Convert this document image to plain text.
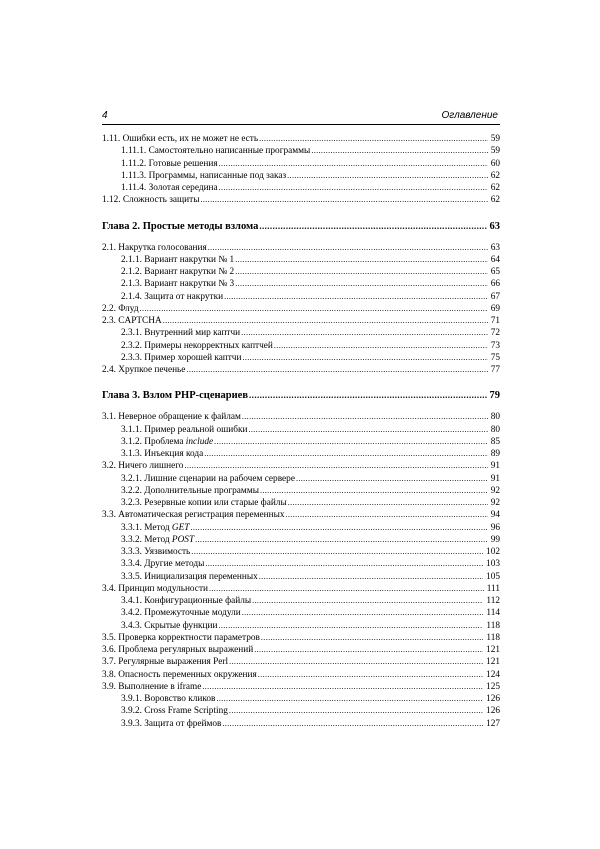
4	Оглавление
1.11. Ошибки есть, их не может не есть .....	59
1.11.1. Самостоятельно написанные программы .....	59
1.11.2. Готовые решения .....	60
1.11.3. Программы, написанные под заказ .....	62
1.11.4. Золотая середина .....	62
1.12. Сложность защиты .....	62
Глава 2. Простые методы взлома .....	63
2.1. Накрутка голосования .....	63
2.1.1. Вариант накрутки № 1 .....	64
2.1.2. Вариант накрутки № 2 .....	65
2.1.3. Вариант накрутки № 3 .....	66
2.1.4. Защита от накрутки .....	67
2.2. Флуд .....	69
2.3. CAPTCHA .....	71
2.3.1. Внутренний мир каптчи .....	72
2.3.2. Примеры некорректных каптчей .....	73
2.3.3. Пример хорошей каптчи .....	75
2.4. Хрупкое печенье .....	77
Глава 3. Взлом PHP-сценариев .....	79
3.1. Неверное обращение к файлам .....	80
3.1.1. Пример реальной ошибки .....	80
3.1.2. Проблема include .....	85
3.1.3. Инъекция кода .....	89
3.2. Ничего лишнего .....	91
3.2.1. Лишние сценарии на рабочем сервере .....	91
3.2.2. Дополнительные программы .....	92
3.2.3. Резервные копии или старые файлы .....	92
3.3. Автоматическая регистрация переменных .....	94
3.3.1. Метод GET .....	96
3.3.2. Метод POST .....	99
3.3.3. Уязвимость .....	102
3.3.4. Другие методы .....	103
3.3.5. Инициализация переменных .....	105
3.4. Принцип модульности .....	111
3.4.1. Конфигурационные файлы .....	112
3.4.2. Промежуточные модули .....	114
3.4.3. Скрытые функции .....	118
3.5. Проверка корректности параметров .....	118
3.6. Проблема регулярных выражений .....	121
3.7. Регулярные выражения Perl .....	121
3.8. Опасность переменных окружения .....	124
3.9. Выполнение в iframe .....	125
3.9.1. Воровство кликов .....	126
3.9.2. Cross Frame Scripting .....	126
3.9.3. Защита от фреймов .....	127
